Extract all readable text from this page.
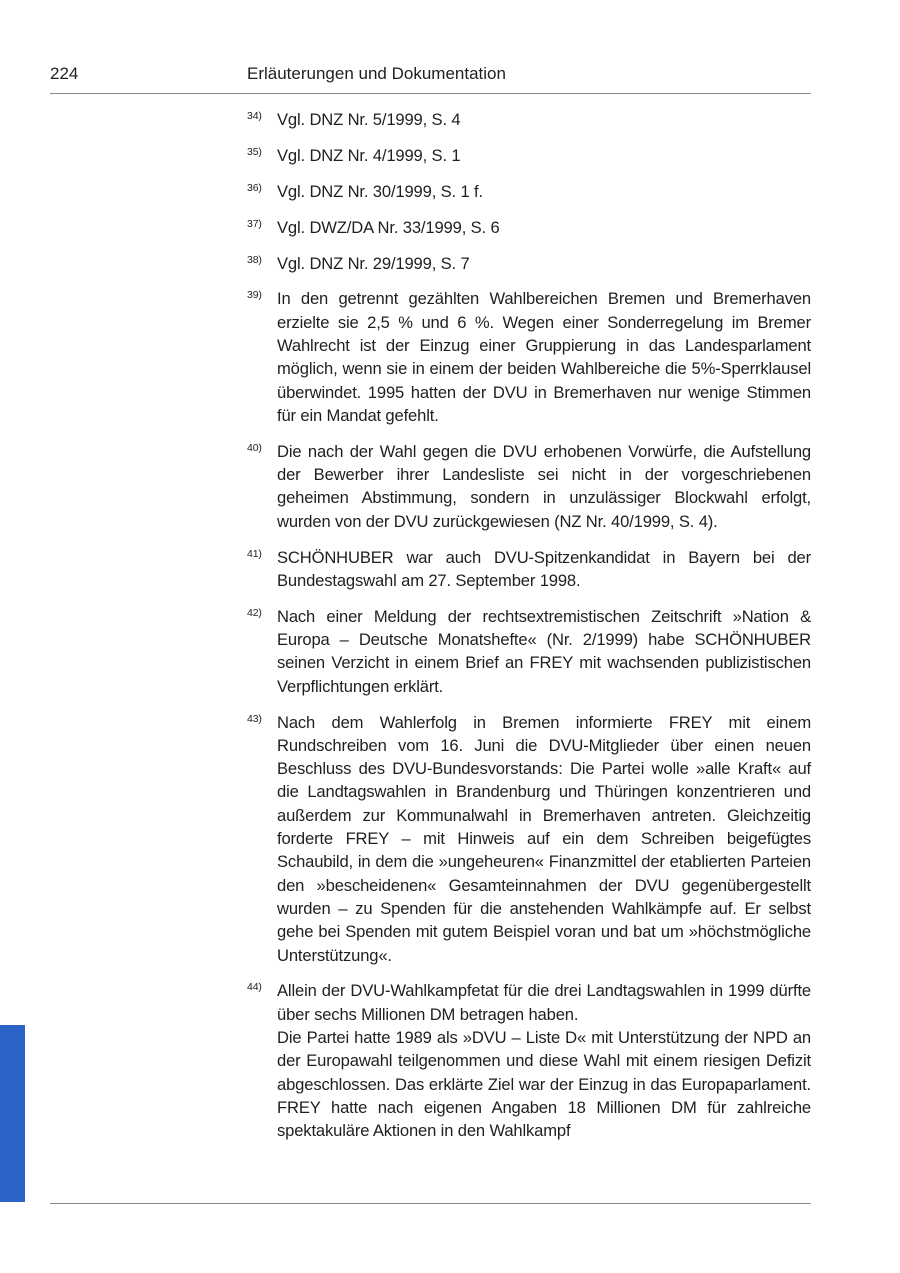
224	Erläuterungen und Dokumentation
34) Vgl. DNZ Nr. 5/1999, S. 4

35) Vgl. DNZ Nr. 4/1999, S. 1

36) Vgl. DNZ Nr. 30/1999, S. 1 f.

37) Vgl. DWZ/DA Nr. 33/1999, S. 6

38) Vgl. DNZ Nr. 29/1999, S. 7

39) In den getrennt gezählten Wahlbereichen Bremen und Bremerhaven erzielte sie 2,5 % und 6 %. Wegen einer Sonderregelung im Bremer Wahlrecht ist der Einzug einer Gruppierung in das Landesparlament möglich, wenn sie in einem der beiden Wahlbereiche die 5%-Sperrklausel überwindet. 1995 hatten der DVU in Bremerhaven nur wenige Stimmen für ein Mandat gefehlt.

40) Die nach der Wahl gegen die DVU erhobenen Vorwürfe, die Aufstellung der Bewerber ihrer Landesliste sei nicht in der vorgeschriebenen geheimen Abstimmung, sondern in unzulässiger Blockwahl erfolgt, wurden von der DVU zurückgewiesen (NZ Nr. 40/1999, S. 4).

41) SCHÖNHUBER war auch DVU-Spitzenkandidat in Bayern bei der Bundestagswahl am 27. September 1998.

42) Nach einer Meldung der rechtsextremistischen Zeitschrift »Nation & Europa – Deutsche Monatshefte« (Nr. 2/1999) habe SCHÖNHUBER seinen Verzicht in einem Brief an FREY mit wachsenden publizistischen Verpflichtungen erklärt.

43) Nach dem Wahlerfolg in Bremen informierte FREY mit einem Rundschreiben vom 16. Juni die DVU-Mitglieder über einen neuen Beschluss des DVU-Bundesvorstands: Die Partei wolle »alle Kraft« auf die Landtagswahlen in Brandenburg und Thüringen konzentrieren und außerdem zur Kommunalwahl in Bremerhaven antreten. Gleichzeitig forderte FREY – mit Hinweis auf ein dem Schreiben beigefügtes Schaubild, in dem die »ungeheuren« Finanzmittel der etablierten Parteien den »bescheidenen« Gesamteinnahmen der DVU gegenübergestellt wurden – zu Spenden für die anstehenden Wahlkämpfe auf. Er selbst gehe bei Spenden mit gutem Beispiel voran und bat um »höchstmögliche Unterstützung«.

44) Allein der DVU-Wahlkampfetat für die drei Landtagswahlen in 1999 dürfte über sechs Millionen DM betragen haben.

Die Partei hatte 1989 als »DVU – Liste D« mit Unterstützung der NPD an der Europawahl teilgenommen und diese Wahl mit einem riesigen Defizit abgeschlossen. Das erklärte Ziel war der Einzug in das Europaparlament. FREY hatte nach eigenen Angaben 18 Millionen DM für zahlreiche spektakuläre Aktionen in den Wahlkampf
